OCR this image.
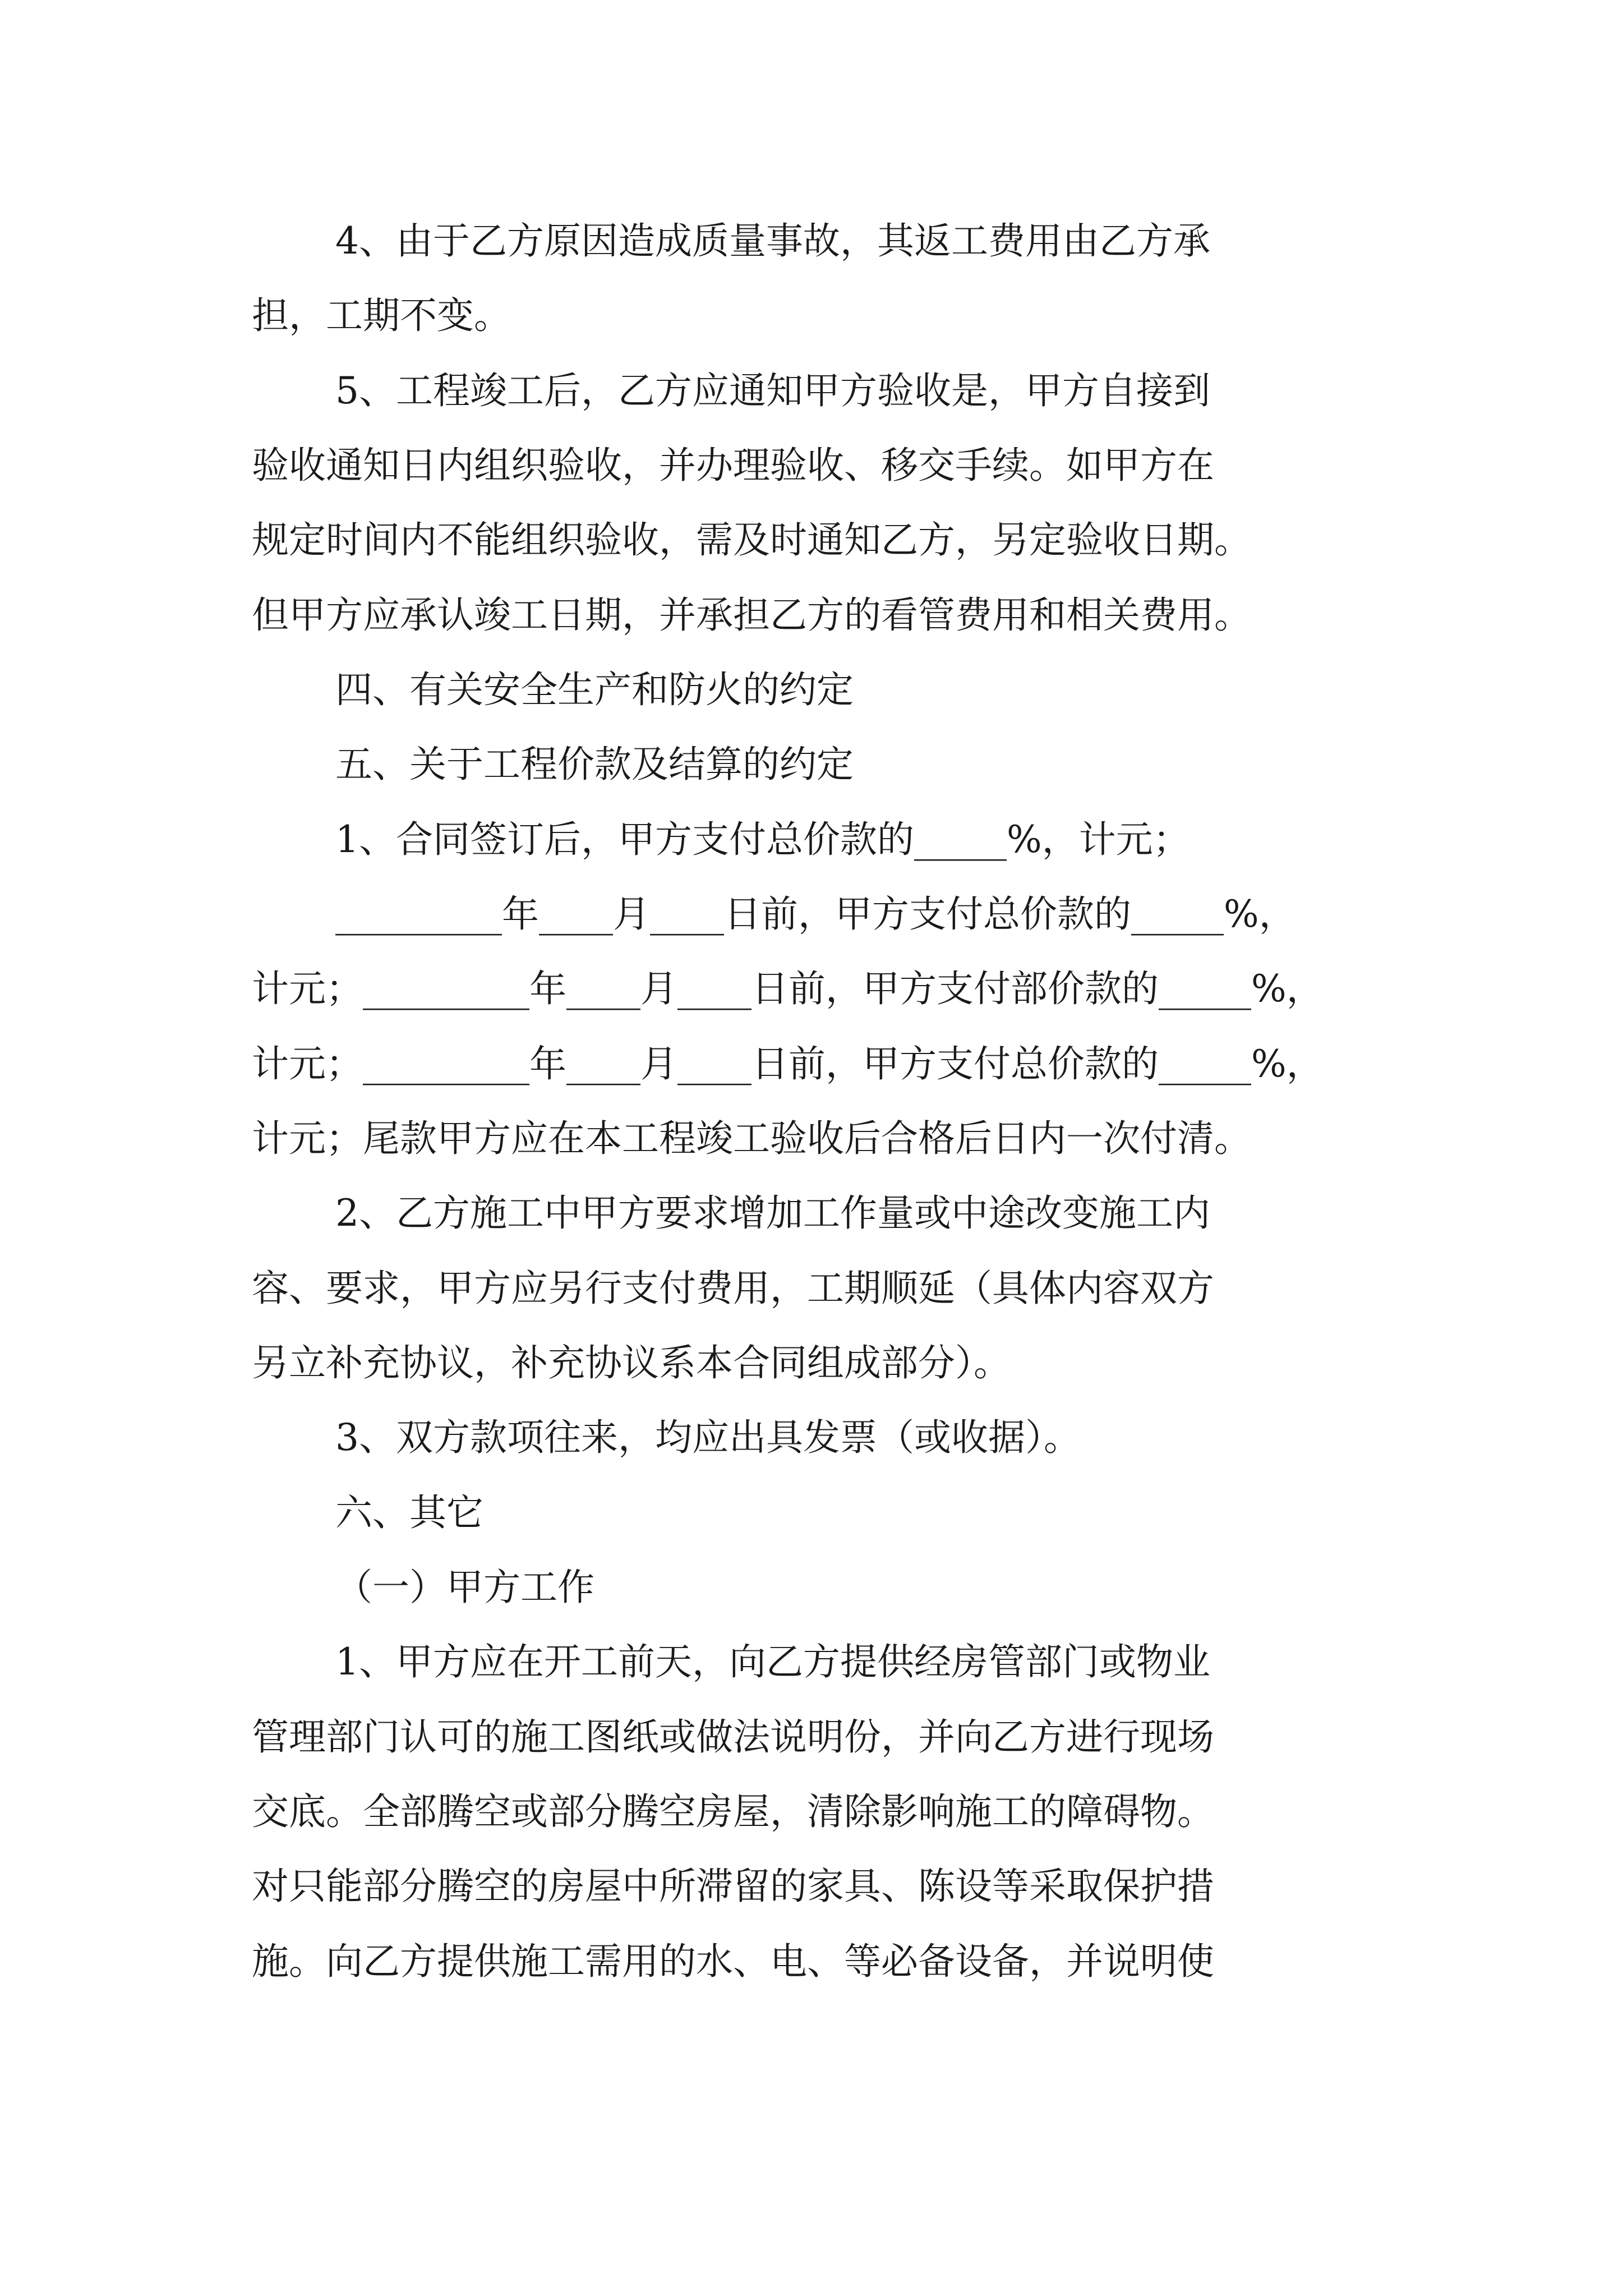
4、由于乙方原因造成质量事故，其返工费用由乙方承
担，工期不变。
5、工程竣工后，乙方应通知甲方验收是，甲方自接到
验收通知日内组织验收，并办理验收、移交手续。如甲方在
规定时间内不能组织验收，需及时通知乙方，另定验收日期。
但甲方应承认竣工日期，并承担乙方的看管费用和相关费用。
四、有关安全生产和防火的约定
五、关于工程价款及结算的约定
1、合同签订后，甲方支付总价款的_____%，计元；
_________年____月____日前，甲方支付总价款的_____%，
计元；_________年____月____日前，甲方支付部价款的_____%，
计元；_________年____月____日前，甲方支付总价款的_____%，
计元；尾款甲方应在本工程竣工验收后合格后日内一次付清。
2、乙方施工中甲方要求增加工作量或中途改变施工内
容、要求，甲方应另行支付费用，工期顺延（具体内容双方
另立补充协议，补充协议系本合同组成部分）。
3、双方款项往来，均应出具发票（或收据）。
六、其它
（一）甲方工作
1、甲方应在开工前天，向乙方提供经房管部门或物业
管理部门认可的施工图纸或做法说明份，并向乙方进行现场
交底。全部腾空或部分腾空房屋，清除影响施工的障碍物。
对只能部分腾空的房屋中所滞留的家具、陈设等采取保护措
施。向乙方提供施工需用的水、电、等必备设备，并说明使
